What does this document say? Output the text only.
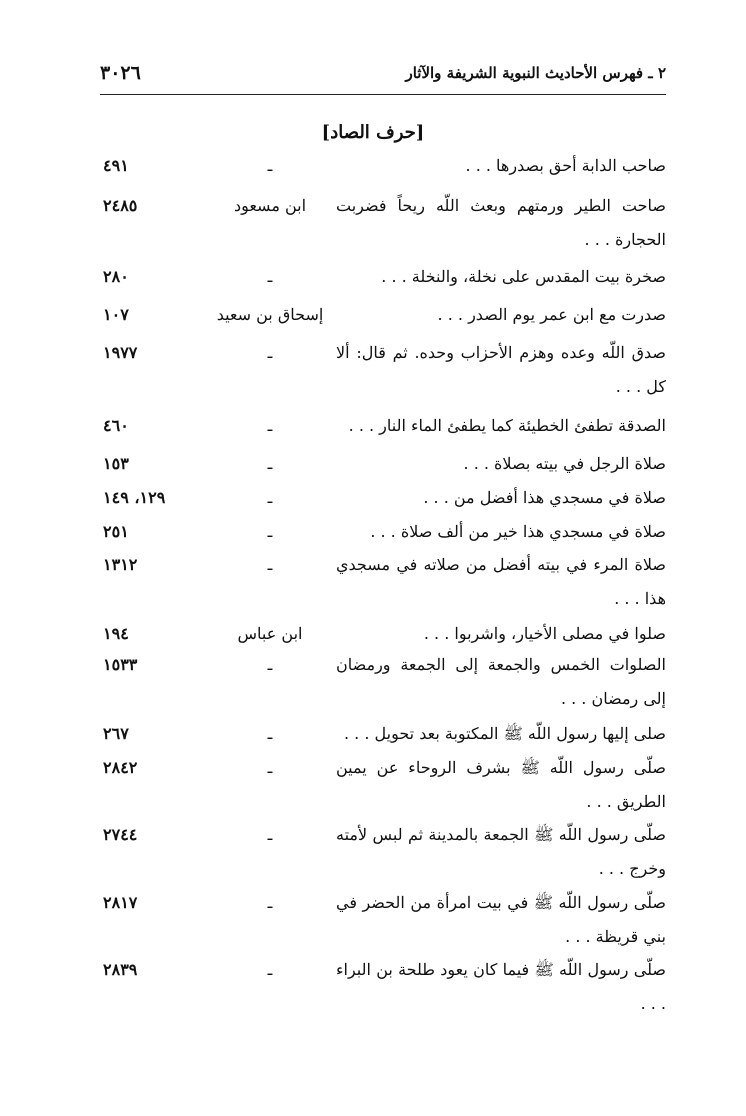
٣٠٢٦	٢ ـ فهرس الأحاديث النبوية الشريفة والآثار
[حرف الصاد]
صاحب الدابة أحق بصدرها . . .
ـ
٤٩١
صاحت الطير ورمتهم وبعث اللّه ريحاً فضربت الحجارة . . .
ابن مسعود
٢٤٨٥
صخرة بيت المقدس على نخلة، والنخلة . . .
ـ
٢٨٠
صدرت مع ابن عمر يوم الصدر . . .
إسحاق بن سعيد
١٠٧
صدق اللّه وعده وهزم الأحزاب وحده. ثم قال: ألا كل . . .
ـ
١٩٧٧
الصدقة تطفئ الخطيئة كما يطفئ الماء النار . . .
ـ
٤٦٠
صلاة الرجل في بيته بصلاة . . .
ـ
١٥٣
صلاة في مسجدي هذا أفضل من . . .
ـ
١٢٩، ١٤٩
صلاة في مسجدي هذا خير من ألف صلاة . . .
ـ
٢٥١
صلاة المرء في بيته أفضل من صلاته في مسجدي هذا . . .
ـ
١٣١٢
صلوا في مصلى الأخيار، واشربوا . . .
ابن عباس
١٩٤
الصلوات الخمس والجمعة إلى الجمعة ورمضان إلى رمضان . . .
ـ
١٥٣٣
صلى إليها رسول اللّه ﷺ المكتوبة بعد تحويل . . .
ـ
٢٦٧
صلّى رسول اللّه ﷺ بشرف الروحاء عن يمين الطريق . . .
ـ
٢٨٤٢
صلّى رسول اللّه ﷺ الجمعة بالمدينة ثم لبس لأمته وخرج . . .
ـ
٢٧٤٤
صلّى رسول اللّه ﷺ في بيت امرأة من الحضر في بني قريظة . . .
ـ
٢٨١٧
صلّى رسول اللّه ﷺ فيما كان يعود طلحة بن البراء . . .
ـ
٢٨٣٩
